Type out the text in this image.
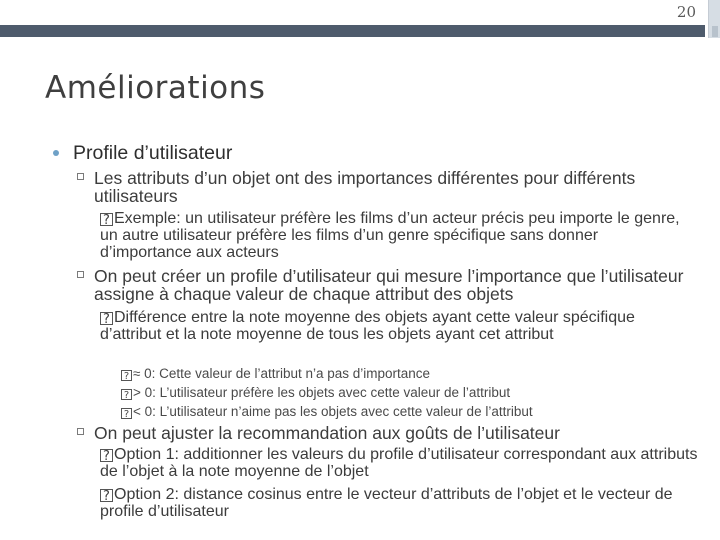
20
Améliorations
Profile d’utilisateur
Les attributs d’un objet ont des importances différentes pour différents utilisateurs
? Exemple: un utilisateur préfère les films d’un acteur précis peu importe le genre, un autre utilisateur préfère les films d’un genre spécifique sans donner d’importance aux acteurs
On peut créer un profile d’utilisateur qui mesure l’importance que l’utilisateur assigne à chaque valeur de chaque attribut des objets
? Différence entre la note moyenne des objets ayant cette valeur spécifique d’attribut et la note moyenne de tous les objets ayant cet attribut
? ≈ 0: Cette valeur de l’attribut n’a pas d’importance
? > 0: L’utilisateur préfère les objets avec cette valeur de l’attribut
? < 0: L’utilisateur n’aime pas les objets avec cette valeur de l’attribut
On peut ajuster la recommandation aux goûts de l’utilisateur
? Option 1: additionner les valeurs du profile d’utilisateur correspondant aux attributs de l’objet à la note moyenne de l’objet
? Option 2: distance cosinus entre le vecteur d’attributs de l’objet et le vecteur de profile d’utilisateur
